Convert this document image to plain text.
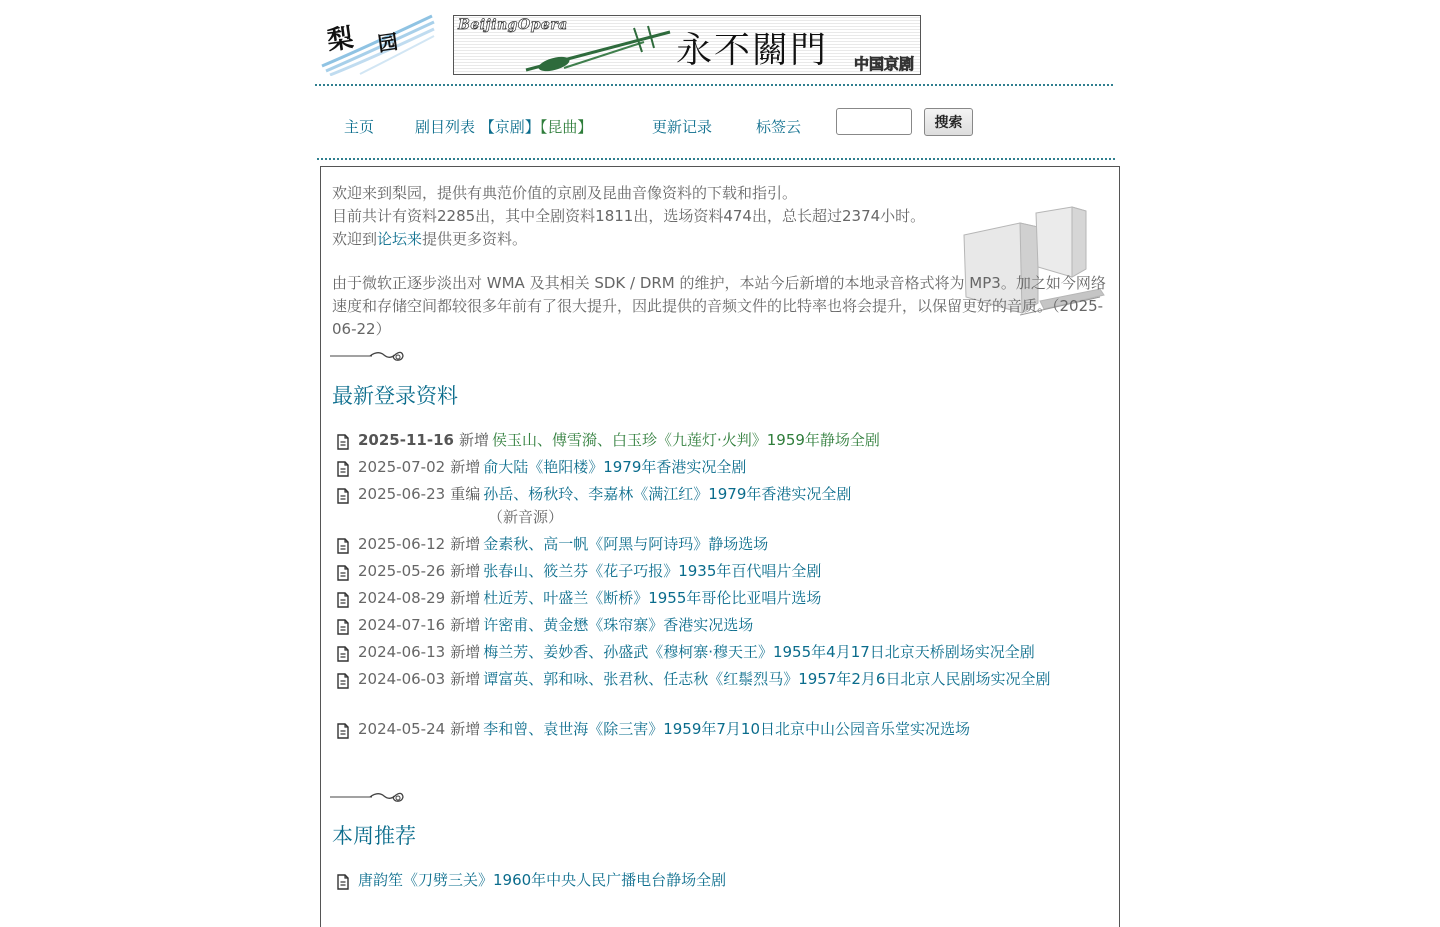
梨 园
BeijingOpera
永不關門 中国京剧
主页	剧目列表 【京剧】【昆曲】	更新记录	标签云	搜索
欢迎来到梨园，提供有典范价值的京剧及昆曲音像资料的下载和指引。
目前共计有资料2285出，其中全剧资料1811出，选场资料474出，总长超过2374小时。
欢迎到论坛来提供更多资料。
由于微软正逐步淡出对 WMA 及其相关 SDK / DRM 的维护，本站今后新增的本地录音格式将为 MP3。加之如今网络速度和存储空间都较很多年前有了很大提升，因此提供的音频文件的比特率也将会提升，以保留更好的音质。（2025-06-22）
最新登录资料
2025-11-16 新增 侯玉山、傅雪漪、白玉珍《九莲灯·火判》1959年静场全剧
2025-07-02 新增 俞大陆《艳阳楼》1979年香港实况全剧
2025-06-23 重编 孙岳、杨秋玲、李嘉林《满江红》1979年香港实况全剧
（新音源）
2025-06-12 新增 金素秋、高一帆《阿黑与阿诗玛》静场选场
2025-05-26 新增 张春山、筱兰芬《花子巧报》1935年百代唱片全剧
2024-08-29 新增 杜近芳、叶盛兰《断桥》1955年哥伦比亚唱片选场
2024-07-16 新增 许密甫、黄金懋《珠帘寨》香港实况选场
2024-06-13 新增 梅兰芳、姜妙香、孙盛武《穆柯寨·穆天王》1955年4月17日北京天桥剧场实况全剧
2024-06-03 新增 谭富英、郭和咏、张君秋、任志秋《红鬃烈马》1957年2月6日北京人民剧场实况全剧
2024-05-24 新增 李和曾、袁世海《除三害》1959年7月10日北京中山公园音乐堂实况选场
本周推荐
唐韵笙《刀劈三关》1960年中央人民广播电台静场全剧
